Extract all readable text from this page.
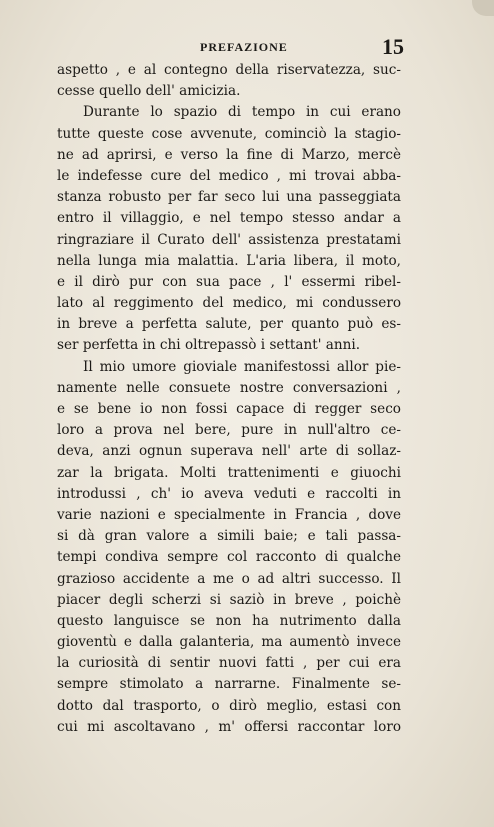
PREFAZIONE	15
aspetto , e al contegno della riservatezza, suc-
cesse quello dell' amicizia.
Durante lo spazio di tempo in cui erano
tutte queste cose avvenute, cominciò la stagio-
ne ad aprirsi, e verso la fine di Marzo, mercè
le indefesse cure del medico , mi trovai abba-
stanza robusto per far seco lui una passeggiata
entro il villaggio, e nel tempo stesso andar a
ringraziare il Curato dell' assistenza prestatami
nella lunga mia malattia. L'aria libera, il moto,
e il dirò pur con sua pace , l' essermi ribel-
lato al reggimento del medico, mi condussero
in breve a perfetta salute, per quanto può es-
ser perfetta in chi oltrepassò i settant' anni.
Il mio umore gioviale manifestossi allor pie-
namente nelle consuete nostre conversazioni ,
e se bene io non fossi capace di regger seco
loro a prova nel bere, pure in null'altro ce-
deva, anzi ognun superava nell' arte di sollaz-
zar la brigata. Molti trattenimenti e giuochi
introdussi , ch' io aveva veduti e raccolti in
varie nazioni e specialmente in Francia , dove
si dà gran valore a simili baie; e tali passa-
tempi condiva sempre col racconto di qualche
grazioso accidente a me o ad altri successo. Il
piacer degli scherzi si saziò in breve , poichè
questo languisce se non ha nutrimento dalla
gioventù e dalla galanteria, ma aumentò invece
la curiosità di sentir nuovi fatti , per cui era
sempre stimolato a narrarne. Finalmente se-
dotto dal trasporto, o dirò meglio, estasi con
cui mi ascoltavano , m' offersi raccontar loro
